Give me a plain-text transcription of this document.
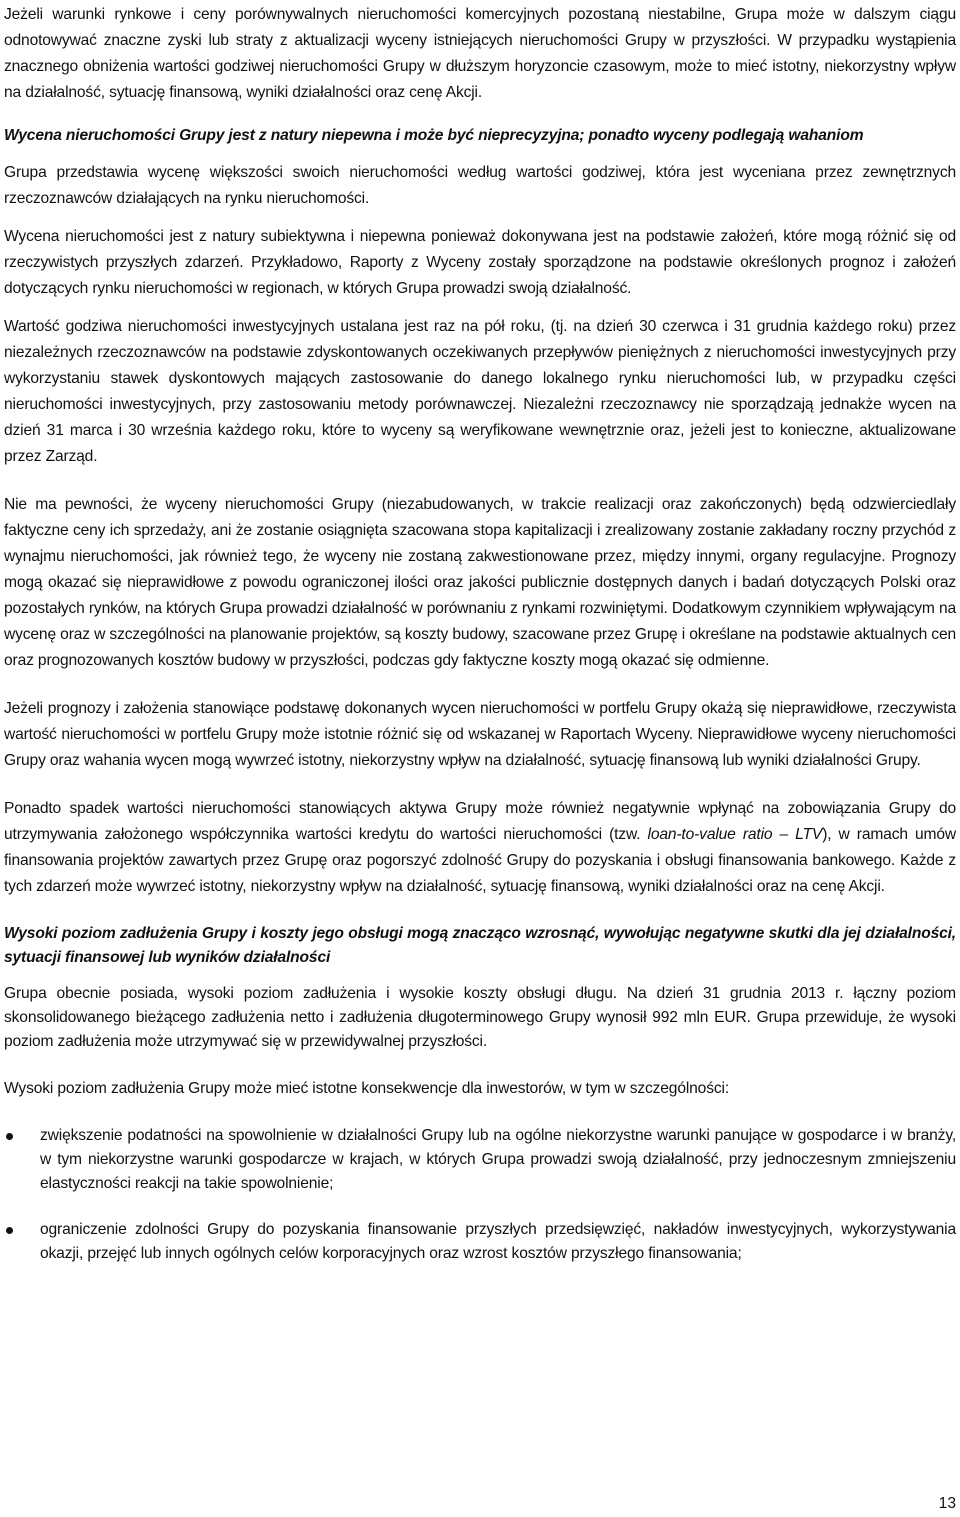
Jeżeli warunki rynkowe i ceny porównywalnych nieruchomości komercyjnych pozostaną niestabilne, Grupa może w dalszym ciągu odnotowywać znaczne zyski lub straty z aktualizacji wyceny istniejących nieruchomości Grupy w przyszłości. W przypadku wystąpienia znacznego obniżenia wartości godziwej nieruchomości Grupy w dłuższym horyzoncie czasowym, może to mieć istotny, niekorzystny wpływ na działalność, sytuację finansową, wyniki działalności oraz cenę Akcji.

Wycena nieruchomości Grupy jest z natury niepewna i może być nieprecyzyjna; ponadto wyceny podlegają wahaniom

Grupa przedstawia wycenę większości swoich nieruchomości według wartości godziwej, która jest wyceniana przez zewnętrznych rzeczoznawców działających na rynku nieruchomości.

Wycena nieruchomości jest z natury subiektywna i niepewna ponieważ dokonywana jest na podstawie założeń, które mogą różnić się od rzeczywistych przyszłych zdarzeń. Przykładowo, Raporty z Wyceny zostały sporządzone na podstawie określonych prognoz i założeń dotyczących rynku nieruchomości w regionach, w których Grupa prowadzi swoją działalność.

Wartość godziwa nieruchomości inwestycyjnych ustalana jest raz na pół roku, (tj. na dzień 30 czerwca i 31 grudnia każdego roku) przez niezależnych rzeczoznawców na podstawie zdyskontowanych oczekiwanych przepływów pieniężnych z nieruchomości inwestycyjnych przy wykorzystaniu stawek dyskontowych mających zastosowanie do danego lokalnego rynku nieruchomości lub, w przypadku części nieruchomości inwestycyjnych, przy zastosowaniu metody porównawczej. Niezależni rzeczoznawcy nie sporządzają jednakże wycen na dzień 31 marca i 30 września każdego roku, które to wyceny są weryfikowane wewnętrznie oraz, jeżeli jest to konieczne, aktualizowane przez Zarząd.

Nie ma pewności, że wyceny nieruchomości Grupy (niezabudowanych, w trakcie realizacji oraz zakończonych) będą odzwierciedlały faktyczne ceny ich sprzedaży, ani że zostanie osiągnięta szacowana stopa kapitalizacji i zrealizowany zostanie zakładany roczny przychód z wynajmu nieruchomości, jak również tego, że wyceny nie zostaną zakwestionowane przez, między innymi, organy regulacyjne. Prognozy mogą okazać się nieprawidłowe z powodu ograniczonej ilości oraz jakości publicznie dostępnych danych i badań dotyczących Polski oraz pozostałych rynków, na których Grupa prowadzi działalność w porównaniu z rynkami rozwiniętymi. Dodatkowym czynnikiem wpływającym na wycenę oraz w szczególności na planowanie projektów, są koszty budowy, szacowane przez Grupę i określane na podstawie aktualnych cen oraz prognozowanych kosztów budowy w przyszłości, podczas gdy faktyczne koszty mogą okazać się odmienne.

Jeżeli prognozy i założenia stanowiące podstawę dokonanych wycen nieruchomości w portfelu Grupy okażą się nieprawidłowe, rzeczywista wartość nieruchomości w portfelu Grupy może istotnie różnić się od wskazanej w Raportach Wyceny. Nieprawidłowe wyceny nieruchomości Grupy oraz wahania wycen mogą wywrzeć istotny, niekorzystny wpływ na działalność, sytuację finansową lub wyniki działalności Grupy.

Ponadto spadek wartości nieruchomości stanowiących aktywa Grupy może również negatywnie wpłynąć na zobowiązania Grupy do utrzymywania założonego współczynnika wartości kredytu do wartości nieruchomości (tzw. loan-to-value ratio – LTV), w ramach umów finansowania projektów zawartych przez Grupę oraz pogorszyć zdolność Grupy do pozyskania i obsługi finansowania bankowego. Każde z tych zdarzeń może wywrzeć istotny, niekorzystny wpływ na działalność, sytuację finansową, wyniki działalności oraz na cenę Akcji.

Wysoki poziom zadłużenia Grupy i koszty jego obsługi mogą znacząco wzrosnąć, wywołując negatywne skutki dla jej działalności, sytuacji finansowej lub wyników działalności

Grupa obecnie posiada, wysoki poziom zadłużenia i wysokie koszty obsługi długu. Na dzień 31 grudnia 2013 r. łączny poziom skonsolidowanego bieżącego zadłużenia netto i zadłużenia długoterminowego Grupy wynosił 992 mln EUR. Grupa przewiduje, że wysoki poziom zadłużenia może utrzymywać się w przewidywalnej przyszłości.

Wysoki poziom zadłużenia Grupy może mieć istotne konsekwencje dla inwestorów, w tym w szczególności:

zwiększenie podatności na spowolnienie w działalności Grupy lub na ogólne niekorzystne warunki panujące w gospodarce i w branży, w tym niekorzystne warunki gospodarcze w krajach, w których Grupa prowadzi swoją działalność, przy jednoczesnym zmniejszeniu elastyczności reakcji na takie spowolnienie;

ograniczenie zdolności Grupy do pozyskania finansowanie przyszłych przedsięwzięć, nakładów inwestycyjnych, wykorzystywania okazji, przejęć lub innych ogólnych celów korporacyjnych oraz wzrost kosztów przyszłego finansowania;

13
